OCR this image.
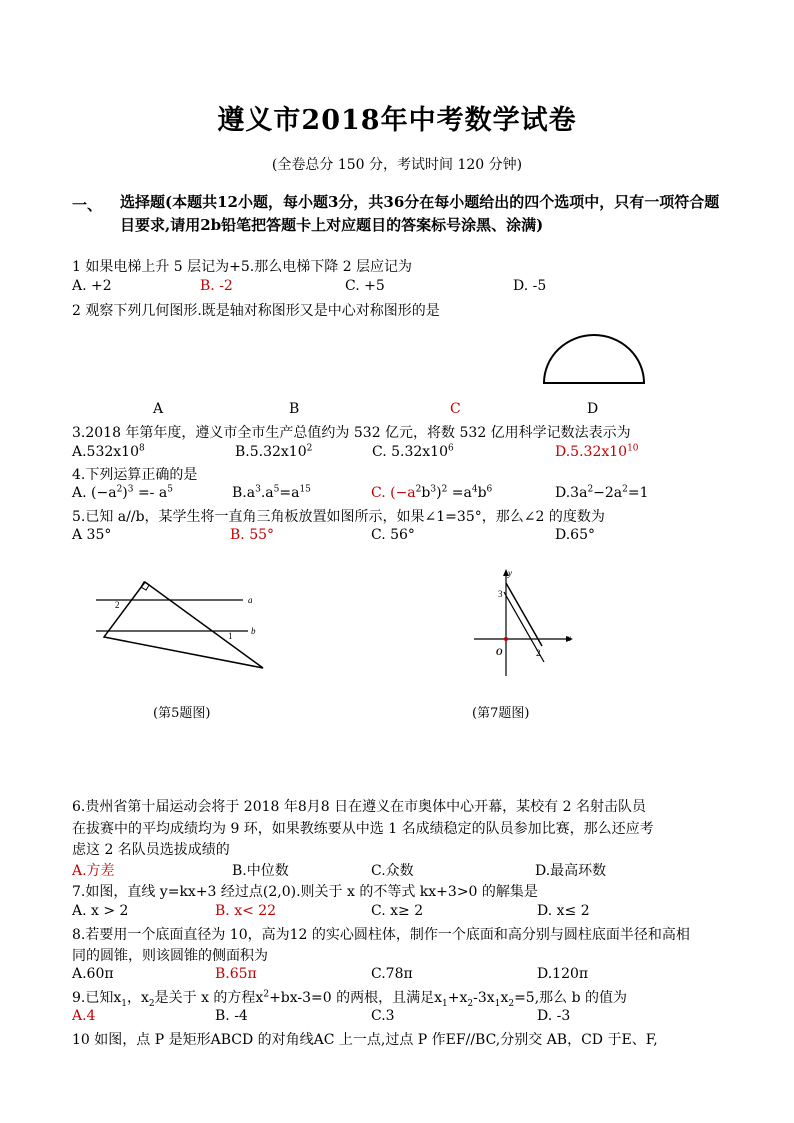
遵义市2018年中考数学试卷
(全卷总分 150 分，考试时间 120 分钟)
一、 选择题(本题共12小题，每小题3分，共36分在每小题给出的四个选项中，只有一项符合题目要求,请用2b铅笔把答题卡上对应题目的答案标号涂黑、涂满)
1 如果电梯上升 5 层记为+5.那么电梯下降 2 层应记为
A. +2	B. -2	C. +5	D. -5
2 观察下列几何图形.既是轴对称图形又是中心对称图形的是
A	B	C	D
3.2018 年第年度，遵义市全市生产总值约为 532 亿元，将数 532 亿用科学记数法表示为
$A.532x10^8$	$B.5.32x10^2$	C. $5.32x10^6$	$D.5.32x10^{10}$
4.下列运算正确的是
A. $(-a^2)^3 =- a^5$	$B.a^3.a^5=a^{15}$	C. $(-a^2b^3)^2 =a^4b^6$	$D.3a^2-2a^2=1$
5.已知 a//b，某学生将一直角三角板放置如图所示，如果∠1=35°，那么∠2 的度数为
A 35°	B. 55°	C. 56°	D.65°
a
b
2
1
(第5题图)
y
x
O
3
2
(第7题图)
6.贵州省第十届运动会将于 2018 年8月8 日在遵义在市奥体中心开幕，某校有 2 名射击队员
在拔赛中的平均成绩均为 9 环，如果教练要从中选 1 名成绩稳定的队员参加比赛，那么还应考
虑这 2 名队员选拔成绩的
A.方差	B.中位数	C.众数	D.最高环数
7.如图，直线 y=kx+3 经过点(2,0).则关于 x 的不等式 kx+3>0 的解集是
A. x > 2	B. x< 22	C. x≥ 2	D. x≤ 2
8.若要用一个底面直径为 10，高为12 的实心圆柱体，制作一个底面和高分别与圆柱底面半径和高相
同的圆锥，则该圆锥的侧面积为
A.60π	B.65π	C.78π	D.120π
9.已知$x_1$，$x_2$是关于 x 的方程$x^2+bx-3=0$ 的两根，且满足$x_1+x_2-3x_1x_2=5$,那么 b 的值为
A.4	B. -4	C.3	D. -3
10 如图，点 P 是矩形ABCD 的对角线AC 上一点,过点 P 作EF//BC,分别交 AB，CD 于E、F,
